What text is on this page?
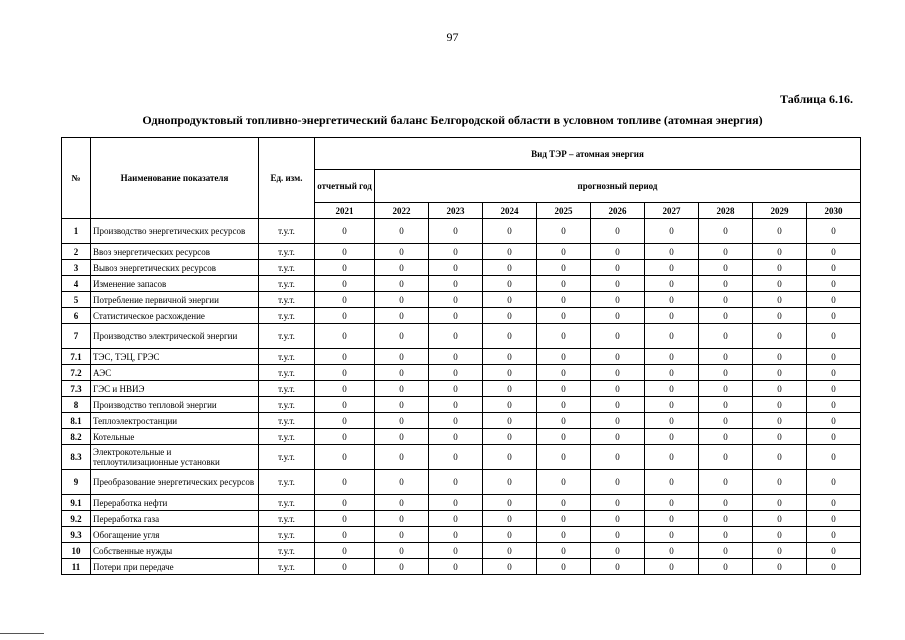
97
Таблица 6.16.
Однопродуктовый топливно-энергетический баланс Белгородской области в условном топливе (атомная энергия)
№	Наименование показателя	Ед. изм.	Вид ТЭР – атомная энергия									
			отчетный год	прогнозный период								
			2021	2022	2023	2024	2025	2026	2027	2028	2029	2030
1	Производство энергетических ресурсов	т.у.т.	0	0	0	0	0	0	0	0	0	0
2	Ввоз энергетических ресурсов	т.у.т.	0	0	0	0	0	0	0	0	0	0
3	Вывоз энергетических ресурсов	т.у.т.	0	0	0	0	0	0	0	0	0	0
4	Изменение запасов	т.у.т.	0	0	0	0	0	0	0	0	0	0
5	Потребление первичной энергии	т.у.т.	0	0	0	0	0	0	0	0	0	0
6	Статистическое расхождение	т.у.т.	0	0	0	0	0	0	0	0	0	0
7	Производство электрической энергии	т.у.т.	0	0	0	0	0	0	0	0	0	0
7.1	ТЭС, ТЭЦ, ГРЭС	т.у.т.	0	0	0	0	0	0	0	0	0	0
7.2	АЭС	т.у.т.	0	0	0	0	0	0	0	0	0	0
7.3	ГЭС и НВИЭ	т.у.т.	0	0	0	0	0	0	0	0	0	0
8	Производство тепловой энергии	т.у.т.	0	0	0	0	0	0	0	0	0	0
8.1	Теплоэлектростанции	т.у.т.	0	0	0	0	0	0	0	0	0	0
8.2	Котельные	т.у.т.	0	0	0	0	0	0	0	0	0	0
8.3	Электрокотельные и теплоутилизационные установки	т.у.т.	0	0	0	0	0	0	0	0	0	0
9	Преобразование энергетических ресурсов	т.у.т.	0	0	0	0	0	0	0	0	0	0
9.1	Переработка нефти	т.у.т.	0	0	0	0	0	0	0	0	0	0
9.2	Переработка газа	т.у.т.	0	0	0	0	0	0	0	0	0	0
9.3	Обогащение угля	т.у.т.	0	0	0	0	0	0	0	0	0	0
10	Собственные нужды	т.у.т.	0	0	0	0	0	0	0	0	0	0
11	Потери при передаче	т.у.т.	0	0	0	0	0	0	0	0	0	0
